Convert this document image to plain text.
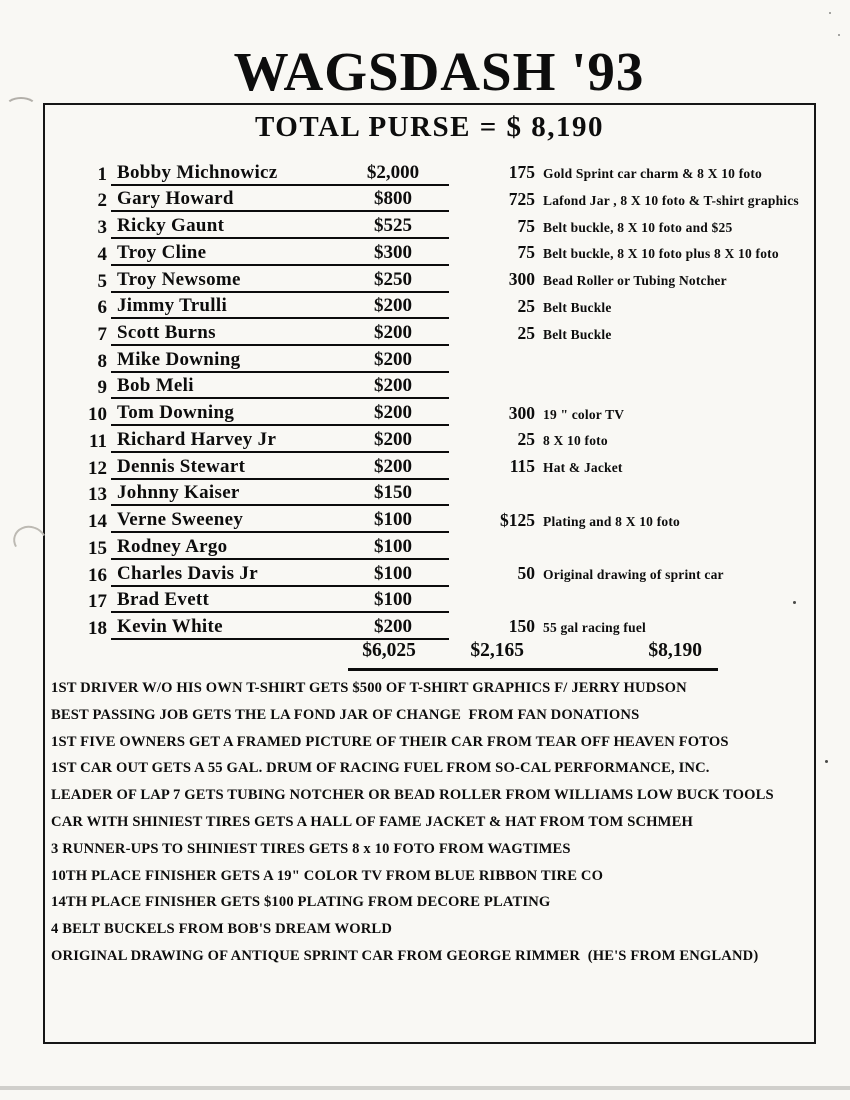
WAGSDASH '93
TOTAL PURSE = $ 8,190
1 Bobby Michnowicz	$2,000	175 Gold Sprint car charm & 8 X 10 foto
2 Gary Howard	$800	725 Lafond Jar , 8 X 10 foto & T-shirt graphics
3 Ricky Gaunt	$525	75 Belt buckle, 8 X 10 foto and $25
4 Troy Cline	$300	75 Belt buckle, 8 X 10 foto plus 8 X 10 foto
5 Troy Newsome	$250	300 Bead Roller or Tubing Notcher
6 Jimmy Trulli	$200	25 Belt Buckle
7 Scott Burns	$200	25 Belt Buckle
8 Mike Downing	$200
9 Bob Meli	$200
10 Tom Downing	$200	300 19 " color TV
11 Richard Harvey Jr	$200	25 8 X 10 foto
12 Dennis Stewart	$200	115 Hat & Jacket
13 Johnny Kaiser	$150
14 Verne Sweeney	$100	$125 Plating and 8 X 10 foto
15 Rodney Argo	$100
16 Charles Davis Jr	$100	50 Original drawing of sprint car
17 Brad Evett	$100
18 Kevin White	$200	150 55 gal racing fuel
$6,025	$2,165	$8,190
1ST DRIVER W/O HIS OWN T-SHIRT GETS $500 OF T-SHIRT GRAPHICS F/ JERRY HUDSON
BEST PASSING JOB GETS THE LA FOND JAR OF CHANGE  FROM FAN DONATIONS
1ST FIVE OWNERS GET A FRAMED PICTURE OF THEIR CAR FROM TEAR OFF HEAVEN FOTOS
1ST CAR OUT GETS A 55 GAL. DRUM OF RACING FUEL FROM SO-CAL PERFORMANCE, INC.
LEADER OF LAP 7 GETS TUBING NOTCHER OR BEAD ROLLER FROM WILLIAMS LOW BUCK TOOLS
CAR WITH SHINIEST TIRES GETS A HALL OF FAME JACKET & HAT FROM TOM SCHMEH
3 RUNNER-UPS TO SHINIEST TIRES GETS 8 x 10 FOTO FROM WAGTIMES
10TH PLACE FINISHER GETS A 19" COLOR TV FROM BLUE RIBBON TIRE CO
14TH PLACE FINISHER GETS $100 PLATING FROM DECORE PLATING
4 BELT BUCKELS FROM BOB'S DREAM WORLD
ORIGINAL DRAWING OF ANTIQUE SPRINT CAR FROM GEORGE RIMMER  (HE'S FROM ENGLAND)
